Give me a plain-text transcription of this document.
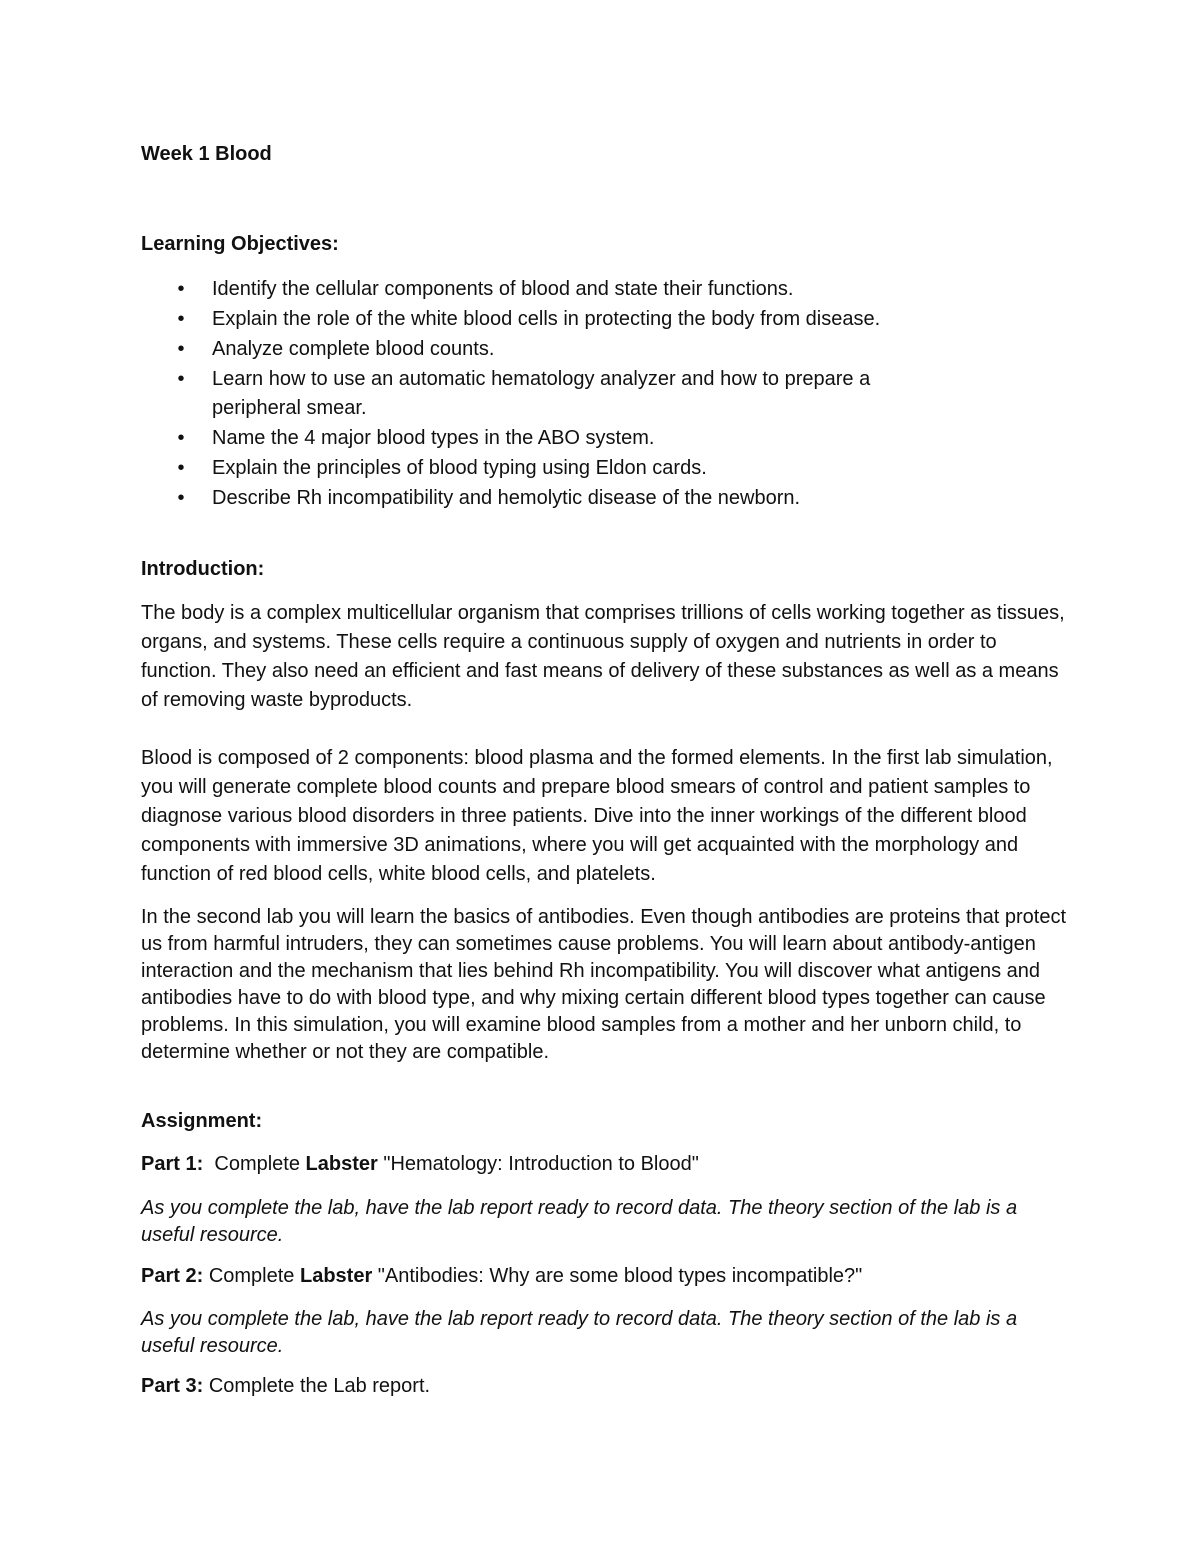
Week 1 Blood
Learning Objectives:
• Identify the cellular components of blood and state their functions.
• Explain the role of the white blood cells in protecting the body from disease.
• Analyze complete blood counts.
• Learn how to use an automatic hematology analyzer and how to prepare a peripheral smear.
• Name the 4 major blood types in the ABO system.
• Explain the principles of blood typing using Eldon cards.
• Describe Rh incompatibility and hemolytic disease of the newborn.
Introduction:

The body is a complex multicellular organism that comprises trillions of cells working together as tissues, organs, and systems. These cells require a continuous supply of oxygen and nutrients in order to function. They also need an efficient and fast means of delivery of these substances as well as a means of removing waste byproducts.

Blood is composed of 2 components: blood plasma and the formed elements. In the first lab simulation, you will generate complete blood counts and prepare blood smears of control and patient samples to diagnose various blood disorders in three patients. Dive into the inner workings of the different blood components with immersive 3D animations, where you will get acquainted with the morphology and function of red blood cells, white blood cells, and platelets.

In the second lab you will learn the basics of antibodies. Even though antibodies are proteins that protect us from harmful intruders, they can sometimes cause problems. You will learn about antibody-antigen interaction and the mechanism that lies behind Rh incompatibility. You will discover what antigens and antibodies have to do with blood type, and why mixing certain different blood types together can cause problems. In this simulation, you will examine blood samples from a mother and her unborn child, to determine whether or not they are compatible.

Assignment:
Part 1: Complete Labster "Hematology: Introduction to Blood"

As you complete the lab, have the lab report ready to record data. The theory section of the lab is a useful resource.

Part 2: Complete Labster "Antibodies: Why are some blood types incompatible?"

As you complete the lab, have the lab report ready to record data. The theory section of the lab is a useful resource.

Part 3: Complete the Lab report.
